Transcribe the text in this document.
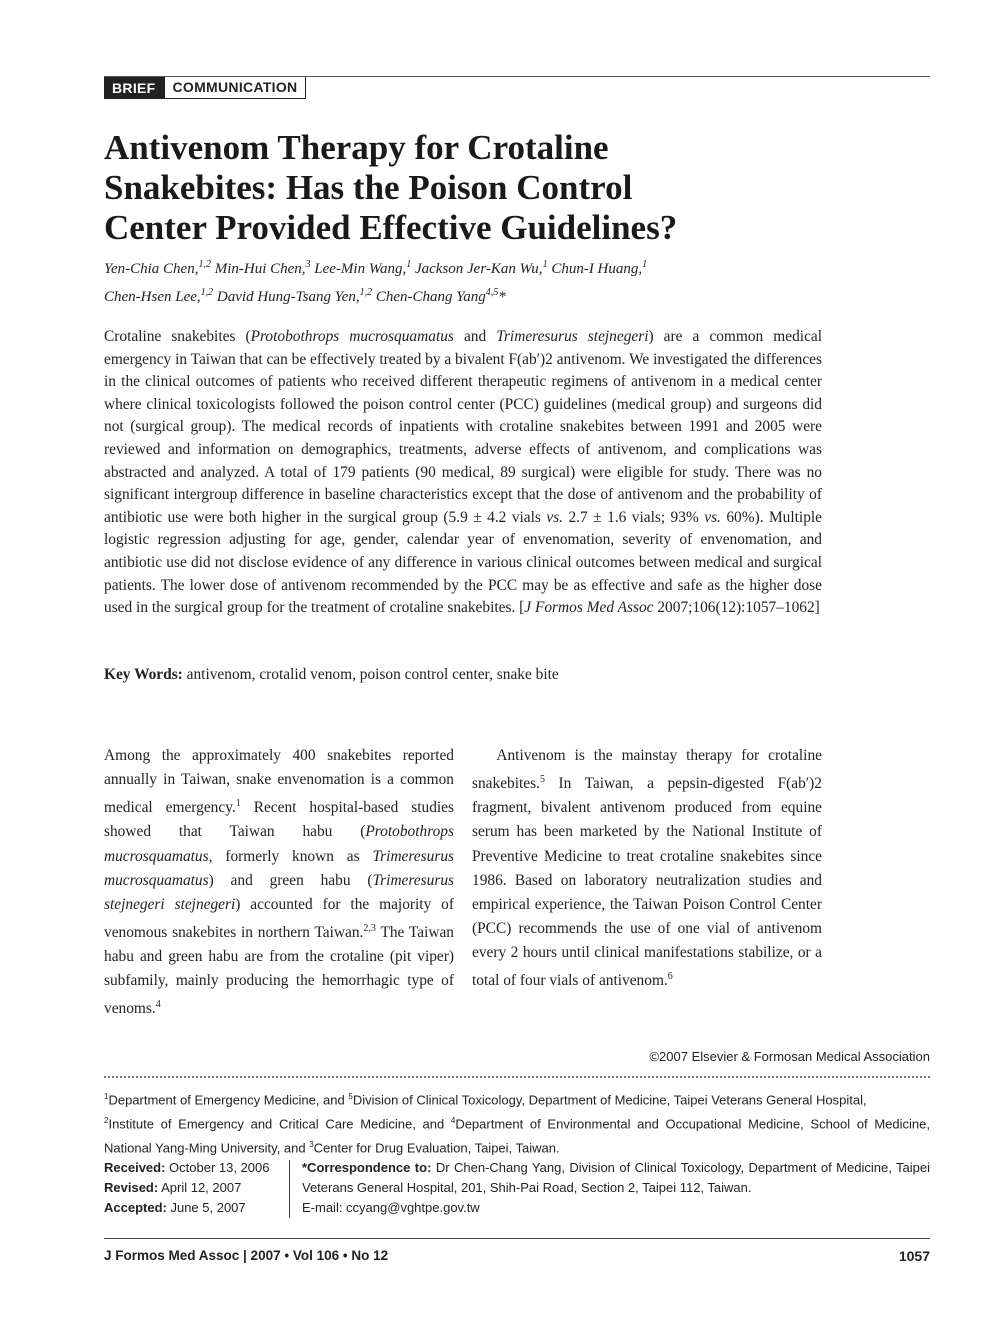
BRIEF	COMMUNICATION
Antivenom Therapy for Crotaline
Snakebites: Has the Poison Control
Center Provided Effective Guidelines?
Yen-Chia Chen,$^{1,2}$ Min-Hui Chen,$^3$ Lee-Min Wang,$^1$ Jackson Jer-Kan Wu,$^1$ Chun-I Huang,$^1$
Chen-Hsen Lee,$^{1,2}$ David Hung-Tsang Yen,$^{1,2}$ Chen-Chang Yang$^{4,5}$*
Crotaline snakebites (Protobothrops mucrosquamatus and Trimeresurus stejnegeri) are a common medical emergency in Taiwan that can be effectively treated by a bivalent F(ab′)2 antivenom. We investigated the differences in the clinical outcomes of patients who received different therapeutic regimens of antivenom in a medical center where clinical toxicologists followed the poison control center (PCC) guidelines (medical group) and surgeons did not (surgical group). The medical records of inpatients with crotaline snakebites between 1991 and 2005 were reviewed and information on demographics, treatments, adverse effects of antivenom, and complications was abstracted and analyzed. A total of 179 patients (90 medical, 89 surgical) were eligible for study. There was no significant intergroup difference in baseline characteristics except that the dose of antivenom and the probability of antibiotic use were both higher in the surgical group (5.9 ± 4.2 vials vs. 2.7 ± 1.6 vials; 93% vs. 60%). Multiple logistic regression adjusting for age, gender, calendar year of envenomation, severity of envenomation, and antibiotic use did not disclose evidence of any difference in various clinical outcomes between medical and surgical patients. The lower dose of antivenom recommended by the PCC may be as effective and safe as the higher dose used in the surgical group for the treatment of crotaline snakebites. [J Formos Med Assoc 2007;106(12):1057–1062]
Key Words: antivenom, crotalid venom, poison control center, snake bite
Among the approximately 400 snakebites reported annually in Taiwan, snake envenomation is a common medical emergency.$^1$ Recent hospital-based studies showed that Taiwan habu (Protobothrops mucrosquamatus, formerly known as Trimeresurus mucrosquamatus) and green habu (Trimeresurus stejnegeri stejnegeri) accounted for the majority of venomous snakebites in northern Taiwan.$^{2,3}$ The Taiwan habu and green habu are from the crotaline (pit viper) subfamily, mainly producing the hemorrhagic type of venoms.$^4$
  Antivenom is the mainstay therapy for crotaline snakebites.$^5$ In Taiwan, a pepsin-digested F(ab′)2 fragment, bivalent antivenom produced from equine serum has been marketed by the National Institute of Preventive Medicine to treat crotaline snakebites since 1986. Based on laboratory neutralization studies and empirical experience, the Taiwan Poison Control Center (PCC) recommends the use of one vial of antivenom every 2 hours until clinical manifestations stabilize, or a total of four vials of antivenom.$^6$
©2007 Elsevier & Formosan Medical Association
$^1$Department of Emergency Medicine, and $^5$Division of Clinical Toxicology, Department of Medicine, Taipei Veterans General Hospital,
$^2$Institute of Emergency and Critical Care Medicine, and $^4$Department of Environmental and Occupational Medicine, School of Medicine, National Yang-Ming University, and $^3$Center for Drug Evaluation, Taipei, Taiwan.
Received: October 13, 2006
Revised: April 12, 2007
Accepted: June 5, 2007
*Correspondence to: Dr Chen-Chang Yang, Division of Clinical Toxicology, Department of Medicine, Taipei Veterans General Hospital, 201, Shih-Pai Road, Section 2, Taipei 112, Taiwan.
E-mail: ccyang@vghtpe.gov.tw
J Formos Med Assoc | 2007 • Vol 106 • No 12	1057
